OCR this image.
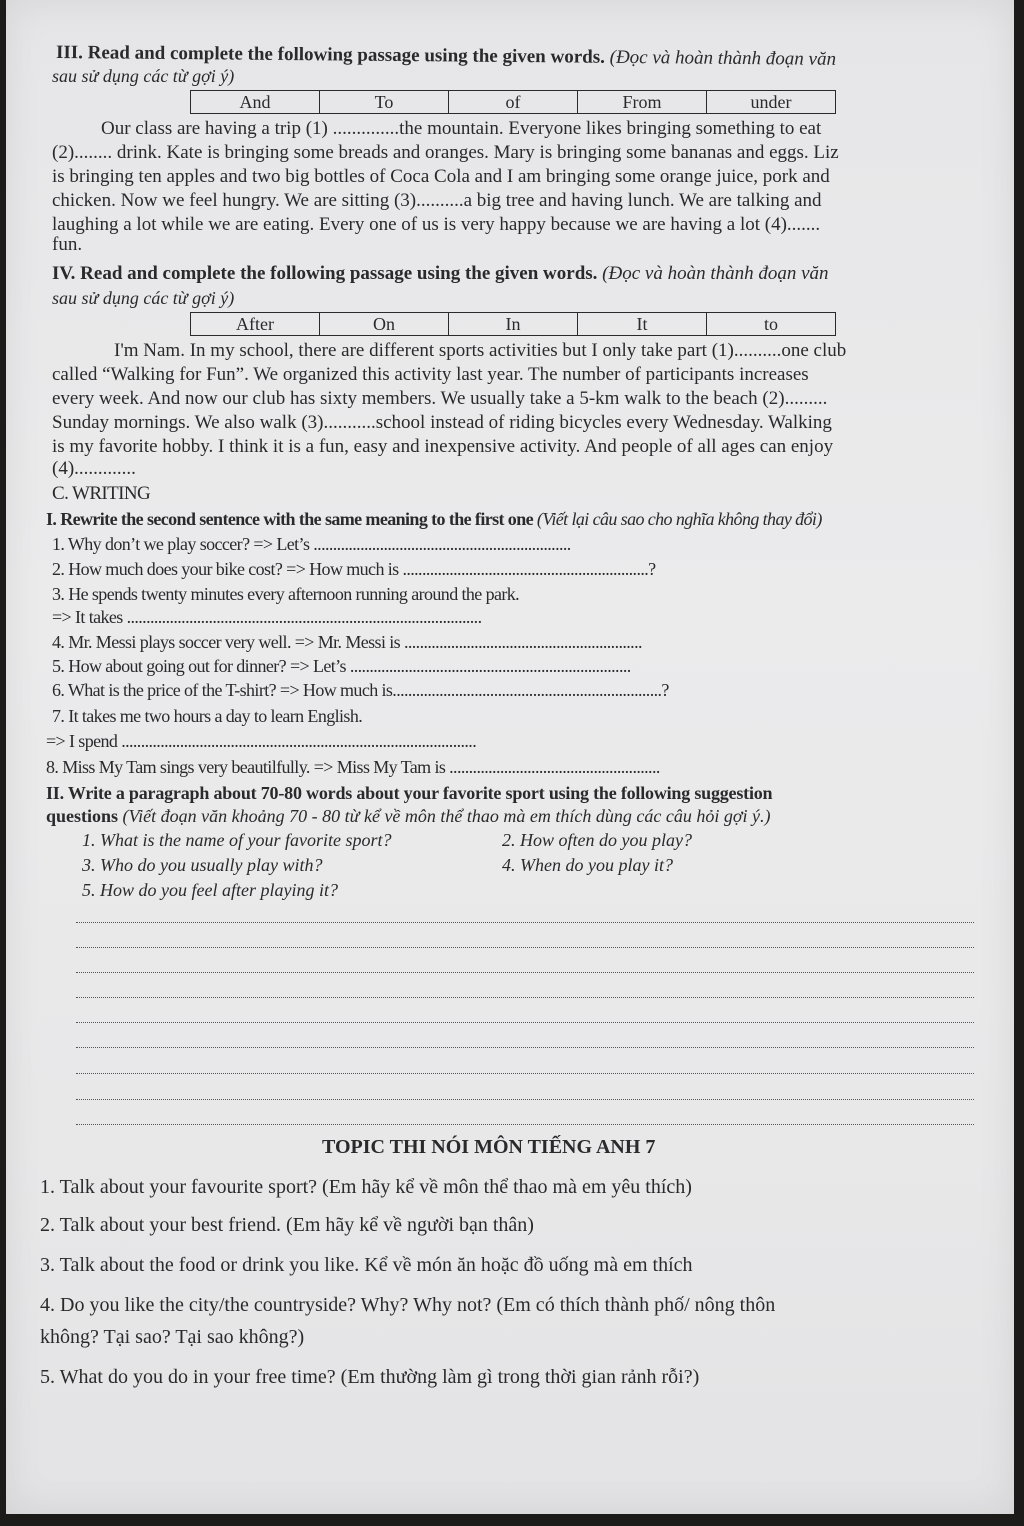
III. Read and complete the following passage using the given words. (Đọc và hoàn thành đoạn văn
sau sử dụng các từ gợi ý)
And	To	of	From	under
Our class are having a trip (1) ..............the mountain. Everyone likes bringing something to eat
(2)........ drink. Kate is bringing some breads and oranges. Mary is bringing some bananas and eggs. Liz
is bringing ten apples and two big bottles of Coca Cola and I am bringing some orange juice, pork and
chicken. Now we feel hungry. We are sitting (3)..........a big tree and having lunch. We are talking and
laughing a lot while we are eating. Every one of us is very happy because we are having a lot (4).......
fun.
IV. Read and complete the following passage using the given words. (Đọc và hoàn thành đoạn văn
sau sử dụng các từ gợi ý)
After	On	In	It	to
I'm Nam. In my school, there are different sports activities but I only take part (1)..........one club
called “Walking for Fun”. We organized this activity last year. The number of participants increases
every week. And now our club has sixty members. We usually take a 5-km walk to the beach (2).........
Sunday mornings. We also walk (3)...........school instead of riding bicycles every Wednesday. Walking
is my favorite hobby. I think it is a fun, easy and inexpensive activity. And people of all ages can enjoy
(4).............
C. WRITING
I. Rewrite the second sentence with the same meaning to the first one (Viết lại câu sao cho nghĩa không thay đổi)
1. Why don’t we play soccer? => Let’s ..................................................................
2. How much does your bike cost? => How much is ...............................................................?
3. He spends twenty minutes every afternoon running around the park.
=> It takes ...........................................................................................
4. Mr. Messi plays soccer very well. => Mr. Messi is .............................................................
5. How about going out for dinner? => Let’s ........................................................................
6. What is the price of the T-shirt? => How much is.....................................................................?
7. It takes me two hours a day to learn English.
=> I spend ...........................................................................................
8. Miss My Tam sings very beautilfully. => Miss My Tam is ......................................................
II. Write a paragraph about 70-80 words about your favorite sport using the following suggestion
questions (Viết đoạn văn khoảng 70 - 80 từ kể về môn thể thao mà em thích dùng các câu hỏi gợi ý.)
1. What is the name of your favorite sport?	2. How often do you play?
3. Who do you usually play with?	4. When do you play it?
5. How do you feel after playing it?
TOPIC THI NÓI MÔN TIẾNG ANH 7
1. Talk about your favourite sport? (Em hãy kể về môn thể thao mà em yêu thích)
2. Talk about your best friend. (Em hãy kể về người bạn thân)
3. Talk about the food or drink you like. Kể về món ăn hoặc đồ uống mà em thích
4. Do you like the city/the countryside? Why? Why not? (Em có thích thành phố/ nông thôn
không? Tại sao? Tại sao không?)
5. What do you do in your free time? (Em thường làm gì trong thời gian rảnh rỗi?)
